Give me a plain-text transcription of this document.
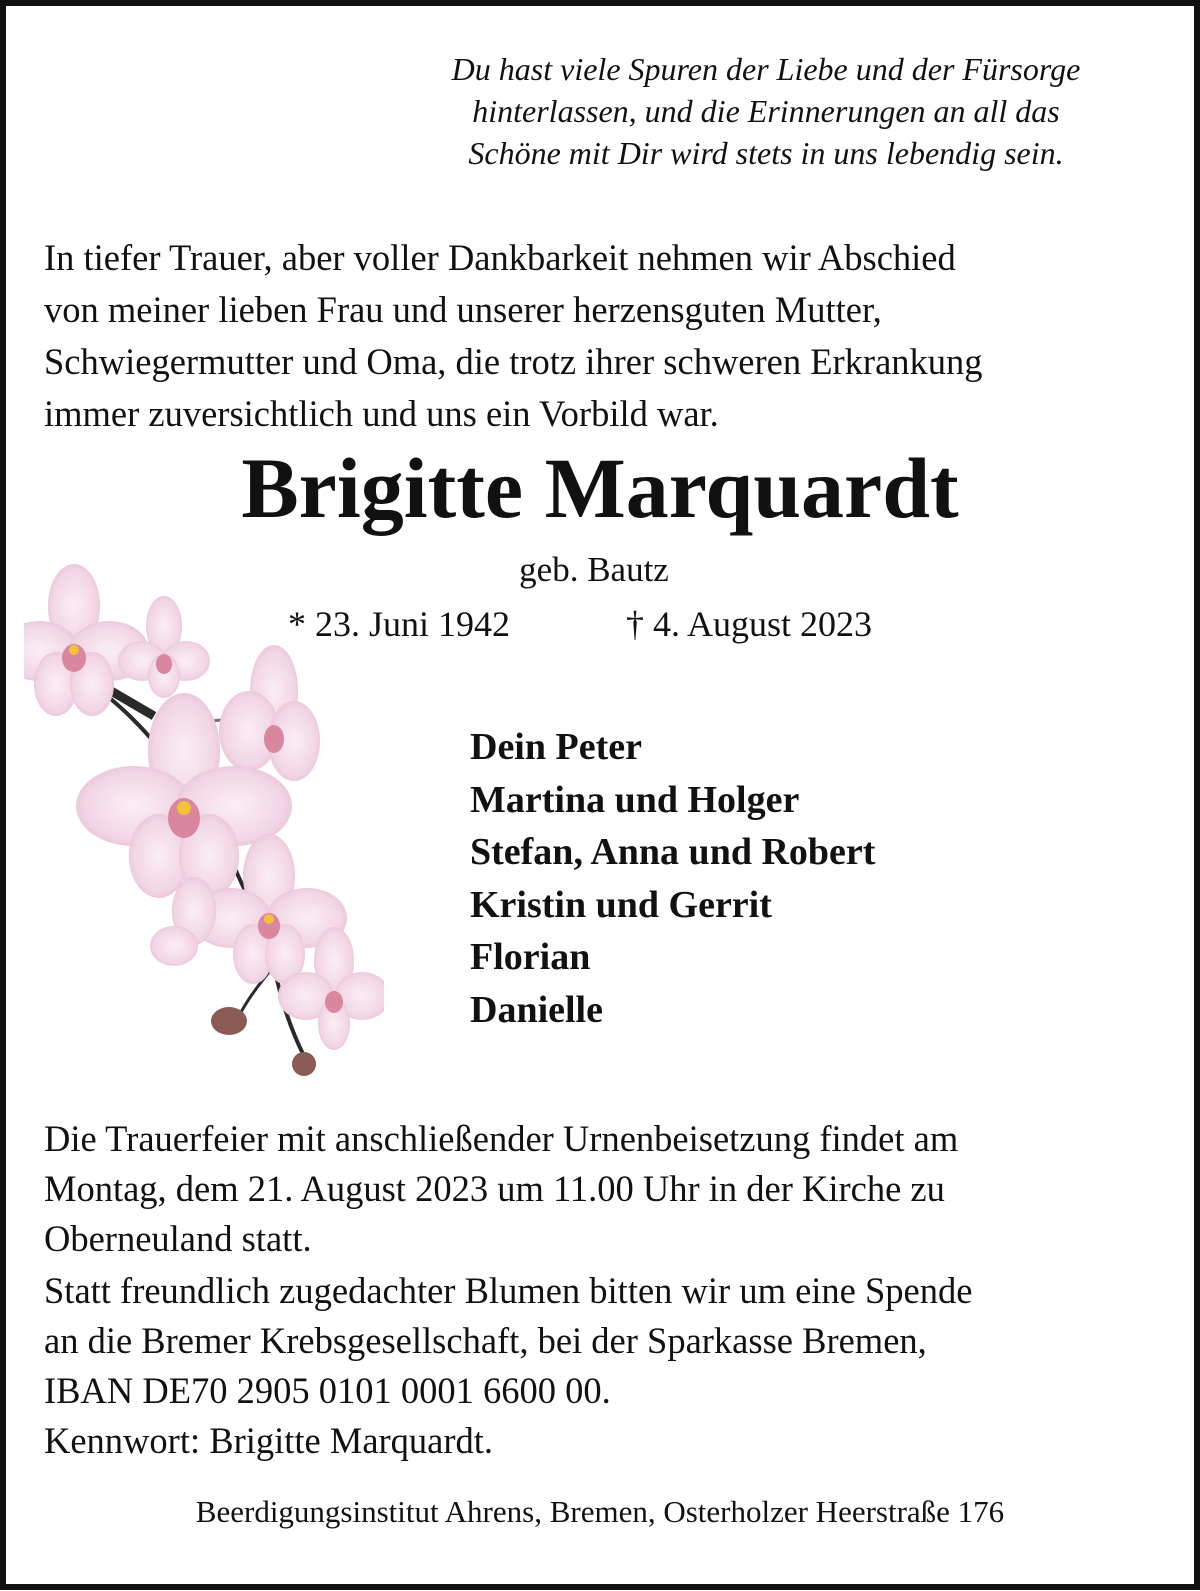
Du hast viele Spuren der Liebe und der Fürsorge
hinterlassen, und die Erinnerungen an all das
Schöne mit Dir wird stets in uns lebendig sein.
In tiefer Trauer, aber voller Dankbarkeit nehmen wir Abschied
von meiner lieben Frau und unserer herzensguten Mutter,
Schwiegermutter und Oma, die trotz ihrer schweren Erkrankung
immer zuversichtlich und uns ein Vorbild war.
Brigitte Marquardt
geb. Bautz
* 23. Juni 1942	† 4. August 2023
Dein Peter
Martina und Holger
Stefan, Anna und Robert
Kristin und Gerrit
Florian
Danielle
Die Trauerfeier mit anschließender Urnenbeisetzung findet am
Montag, dem 21. August 2023 um 11.00 Uhr in der Kirche zu
Oberneuland statt.
Statt freundlich zugedachter Blumen bitten wir um eine Spende
an die Bremer Krebsgesellschaft, bei der Sparkasse Bremen,
IBAN DE70 2905 0101 0001 6600 00.
Kennwort: Brigitte Marquardt.
Beerdigungsinstitut Ahrens, Bremen, Osterholzer Heerstraße 176
